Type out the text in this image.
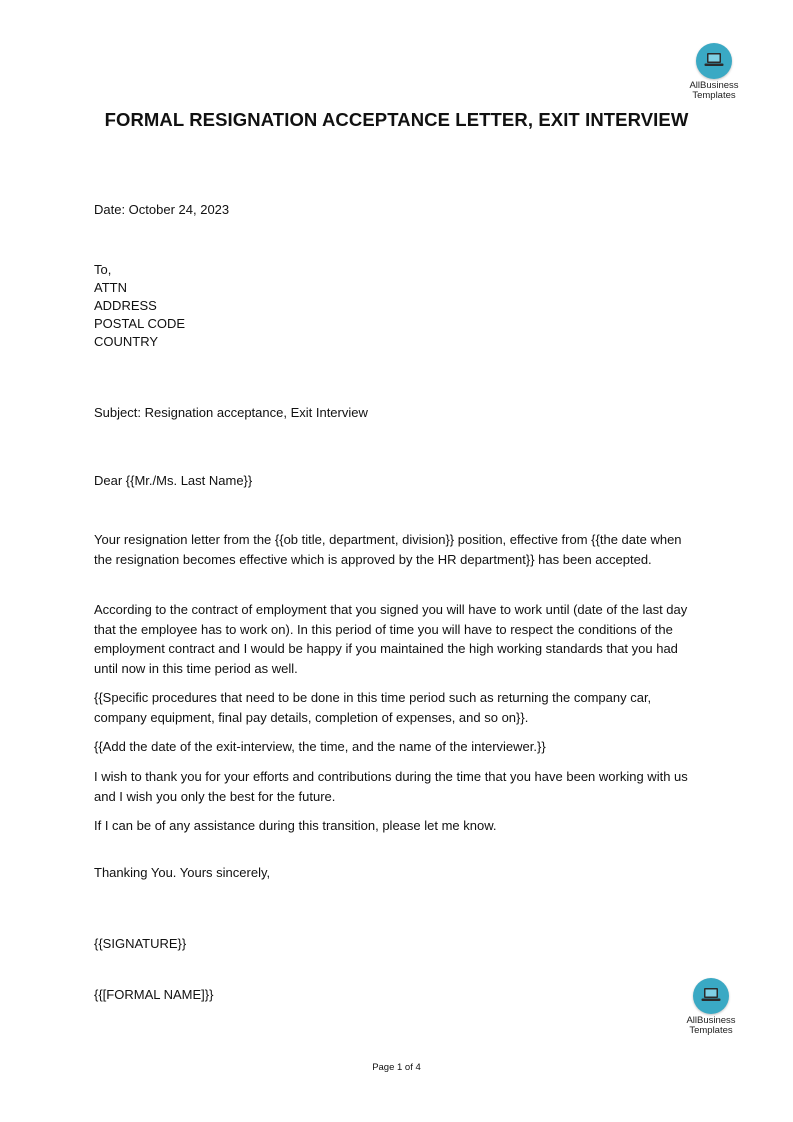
AllBusiness
Templates
FORMAL RESIGNATION ACCEPTANCE LETTER, EXIT INTERVIEW
Date: October 24, 2023
To,
ATTN
ADDRESS
POSTAL CODE
COUNTRY
Subject: Resignation acceptance, Exit Interview
Dear {{Mr./Ms. Last Name}}

Your resignation letter from the {{ob title, department, division}} position, effective from {{the date when the resignation becomes effective which is approved by the HR department}} has been accepted.

According to the contract of employment that you signed you will have to work until (date of the last day that the employee has to work on). In this period of time you will have to respect the conditions of the employment contract and I would be happy if you maintained the high working standards that you had until now in this time period as well.

{{Specific procedures that need to be done in this time period such as returning the company car, company equipment, final pay details, completion of expenses, and so on}}.

{{Add the date of the exit-interview, the time, and the name of the interviewer.}}

I wish to thank you for your efforts and contributions during the time that you have been working with us and I wish you only the best for the future.

If I can be of any assistance during this transition, please let me know.

Thanking You. Yours sincerely,
{{SIGNATURE}}
{{[FORMAL NAME]}}
AllBusiness
Templates
Page 1 of 4
